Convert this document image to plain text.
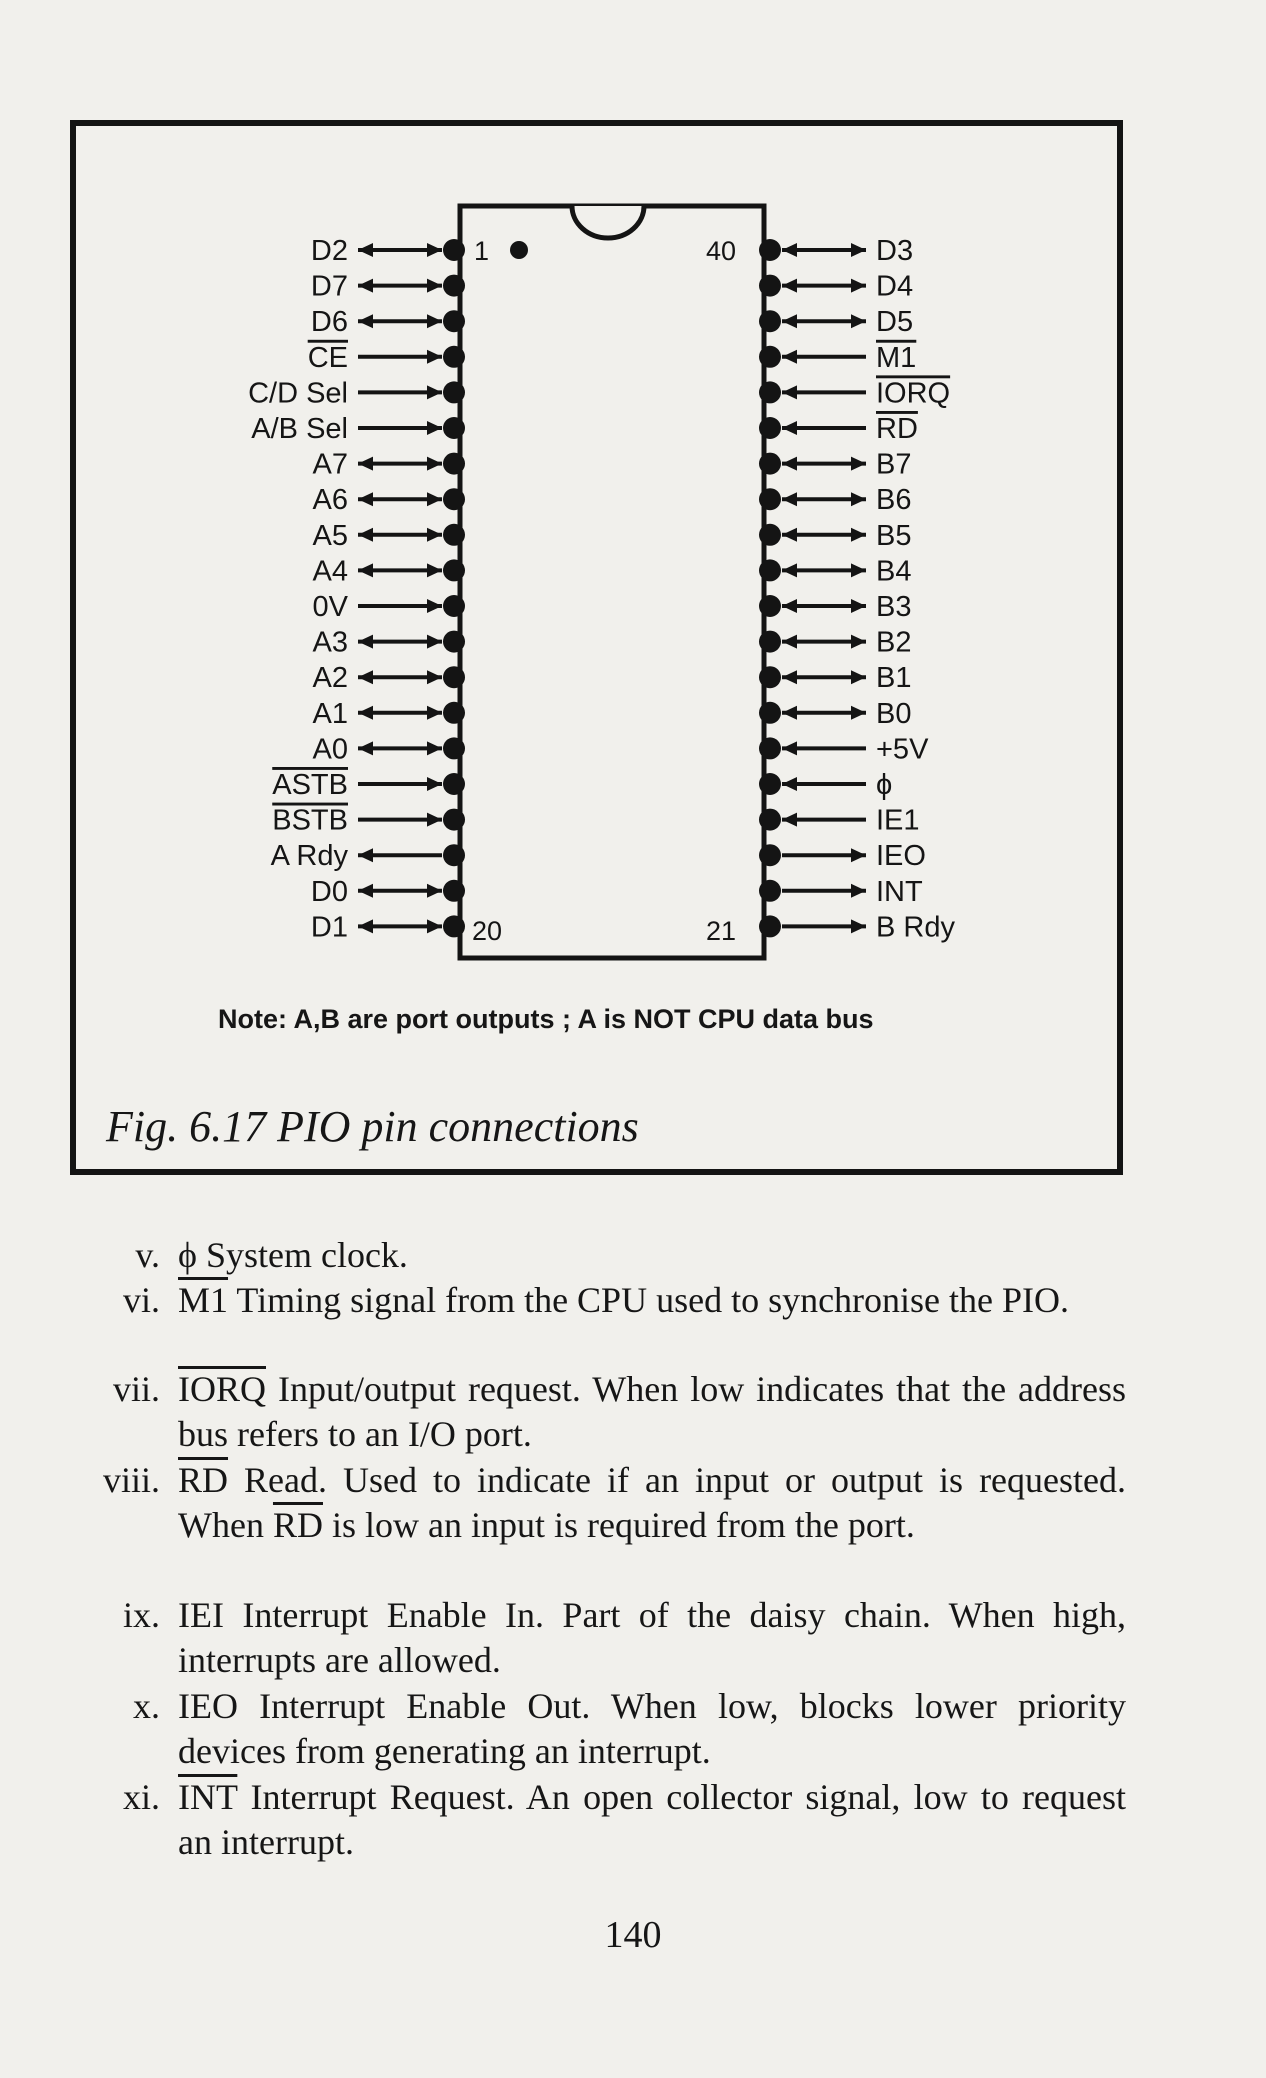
1	40
20	21
D2
D7
D6
CE
C/D Sel
A/B Sel
A7
A6
A5
A4
0V
A3
A2
A1
A0
ASTB
BSTB
A Rdy
D0
D1
D3
D4
D5
M1
IORQ
RD
B7
B6
B5
B4
B3
B2
B1
B0
+5V
ϕ
IE1
IEO
INT
B Rdy
Note: A,B are port outputs ; A is NOT CPU data bus
Fig. 6.17 PIO pin connections
v. ϕ System clock.
vi. M1 Timing signal from the CPU used to synchronise the PIO.
vii. IORQ Input/output request. When low indicates that the address bus refers to an I/O port.
viii. $\overline{RD}$ Read. Used to indicate if an input or output is requested. When $\overline{RD}$ is low an input is required from the port.
ix. IEI Interrupt Enable In. Part of the daisy chain. When high, interrupts are allowed.
x. IEO Interrupt Enable Out. When low, blocks lower priority devices from generating an interrupt.
xi. $\overline{INT}$ Interrupt Request. An open collector signal, low to request an interrupt.
140
